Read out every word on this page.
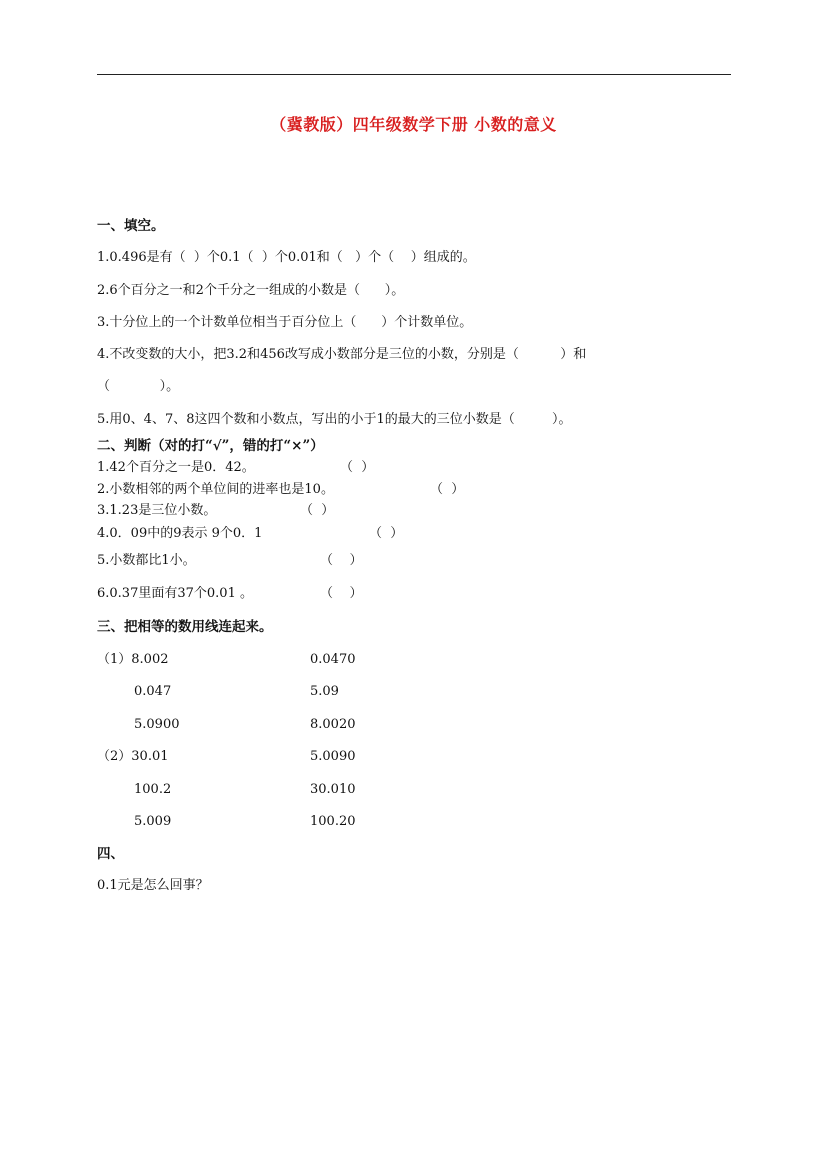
（冀教版）四年级数学下册 小数的意义
一、填空。
1.0.496是有（  ）个0.1（  ）个0.01和（   ）个（    ）组成的。
2.6个百分之一和2个千分之一组成的小数是（      ）。
3.十分位上的一个计数单位相当于百分位上（      ）个计数单位。
4.不改变数的大小，把3.2和456改写成小数部分是三位的小数，分别是（          ）和
（            ）。
5.用0、4、7、8这四个数和小数点，写出的小于1的最大的三位小数是（         ）。
二、判断（对的打“√”，错的打“×”）
1.42个百分之一是0．42。	（  ）
2.小数相邻的两个单位间的进率也是10。	（  ）
3.1.23是三位小数。	（  ）
4.0．09中的9表示 9个0．1	（  ）
5.小数都比1小。	（    ）
6.0.37里面有37个0.01 。	（    ）
三、把相等的数用线连起来。
（1）8.002	0.0470
0.047	5.09
5.0900	8.0020
（2）30.01	5.0090
100.2	30.010
5.009	100.20
四、
0.1元是怎么回事？
